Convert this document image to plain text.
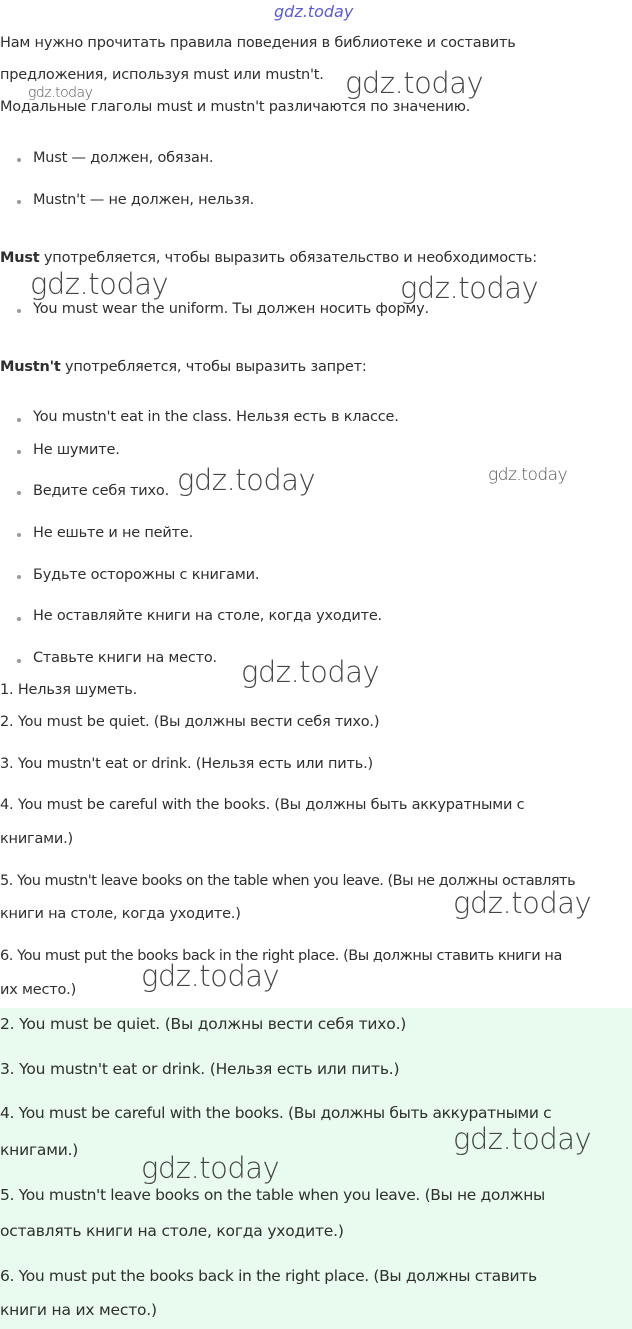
gdz.today
Нам нужно прочитать правила поведения в библиотеке и составить
предложения, используя must или mustn't.
Модальные глаголы must и mustn't различаются по значению.
Must — должен, обязан.
Mustn't — не должен, нельзя.
Must употребляется, чтобы выразить обязательство и необходимость:
You must wear the uniform. Ты должен носить форму.
Mustn't употребляется, чтобы выразить запрет:
You mustn't eat in the class. Нельзя есть в классе.
Не шумите.
Ведите себя тихо.
Не ешьте и не пейте.
Будьте осторожны с книгами.
Не оставляйте книги на столе, когда уходите.
Ставьте книги на место.
1. Нельзя шуметь.
2. You must be quiet. (Вы должны вести себя тихо.)
3. You mustn't eat or drink. (Нельзя есть или пить.)
4. You must be careful with the books. (Вы должны быть аккуратными с
книгами.)
5. You mustn't leave books on the table when you leave. (Вы не должны оставлять
книги на столе, когда уходите.)
6. You must put the books back in the right place. (Вы должны ставить книги на
их место.)
2. You must be quiet. (Вы должны вести себя тихо.)
3. You mustn't eat or drink. (Нельзя есть или пить.)
4. You must be careful with the books. (Вы должны быть аккуратными с
книгами.)
5. You mustn't leave books on the table when you leave. (Вы не должны
оставлять книги на столе, когда уходите.)
6. You must put the books back in the right place. (Вы должны ставить
книги на их место.)
gdz.today	gdz.today
gdz.today	gdz.today
gdz.today	gdz.today
gdz.today
gdz.today
gdz.today
gdz.today
gdz.today
